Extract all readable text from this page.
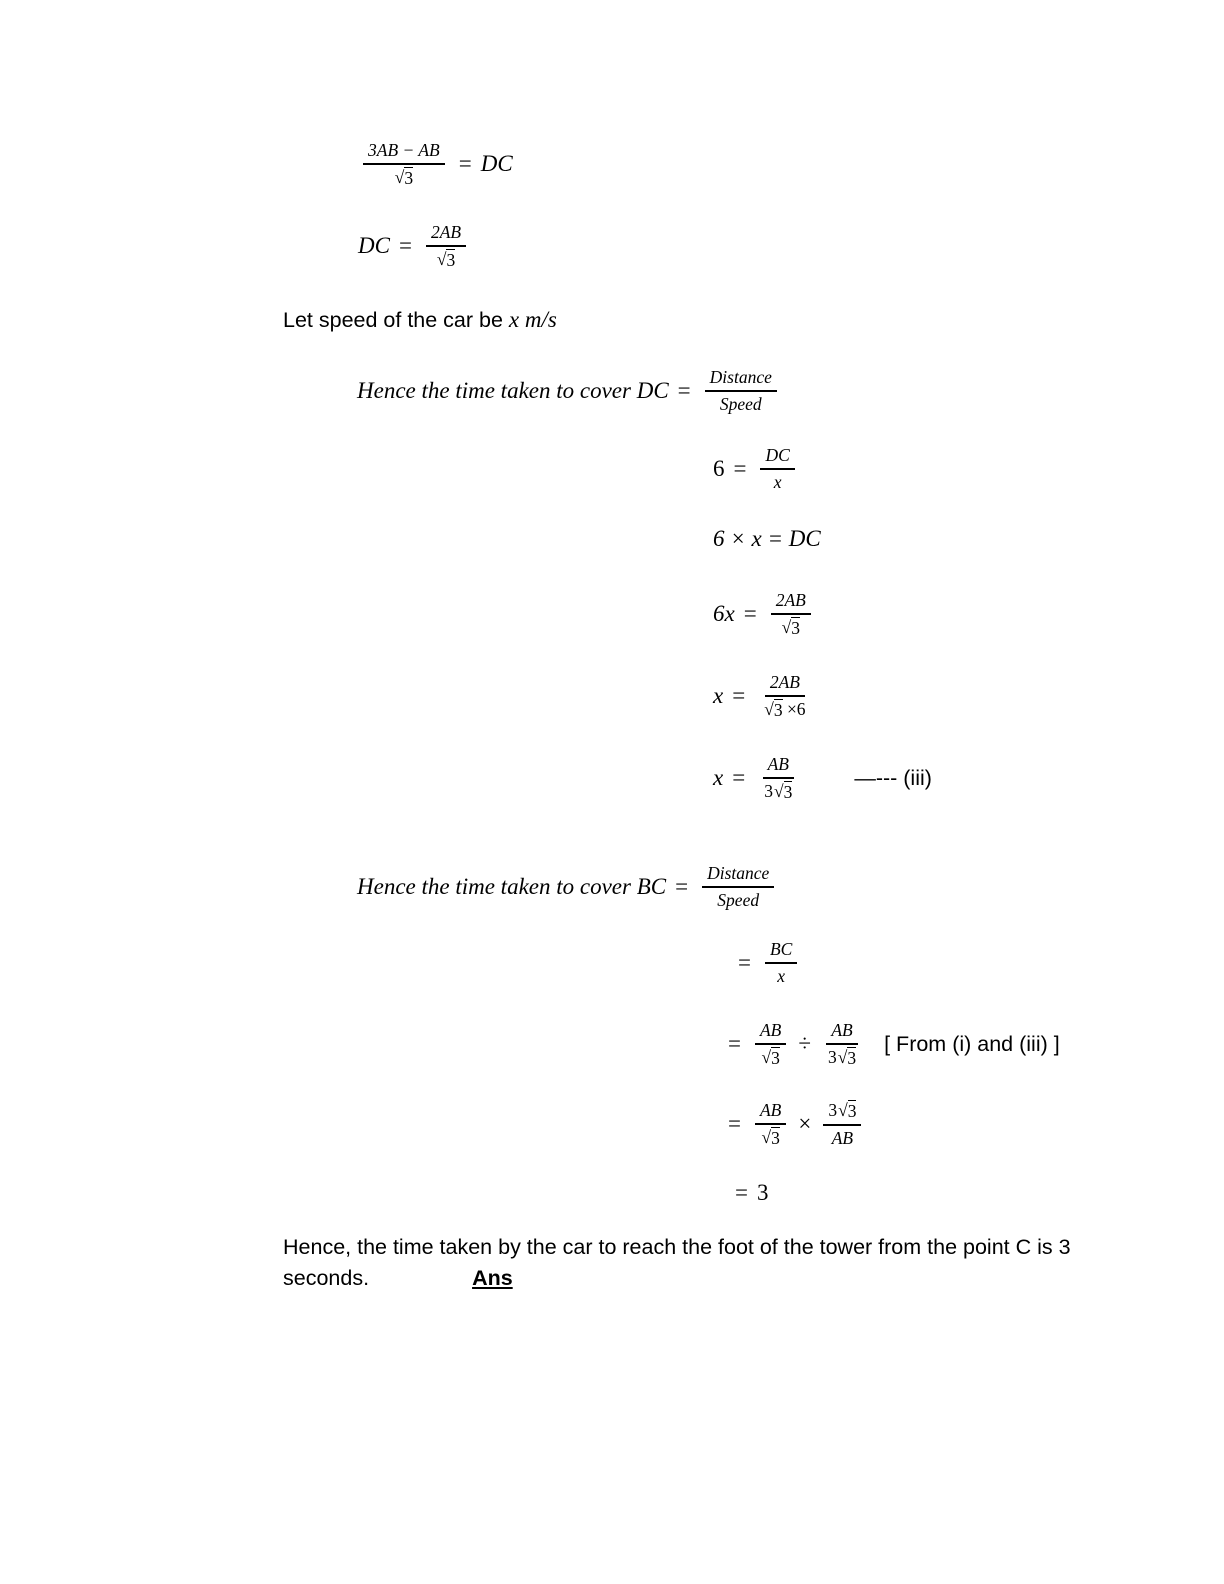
$\frac{3AB - AB}{√ 3}$ = DC
DC = $\frac{2AB}{√ 3}$
Let speed of the car be x m/s
Hence the time taken to cover DC = $\frac{\text{Distance}}{\text{Speed}}$
$6 = \frac{DC}{x}$
6 × x = DC
$6x = \frac{2AB}{√ 3}$
$x = \frac{2AB}{√ 3 \times 6}$
$x = \frac{AB}{3 √ 3}$	—--- (iii)
Hence the time taken to cover BC = $\frac{\text{Distance}}{\text{Speed}}$
= $\frac{BC}{x}$
= $\frac{AB}{√ 3} \div \frac{AB}{3 √ 3}$ [ From (i) and (iii) ]
= $\frac{AB}{√ 3} \times \frac{3 √ 3}{AB}$
= 3
Hence, the time taken by the car to reach the foot of the tower from the point C is 3 seconds.	Ans
